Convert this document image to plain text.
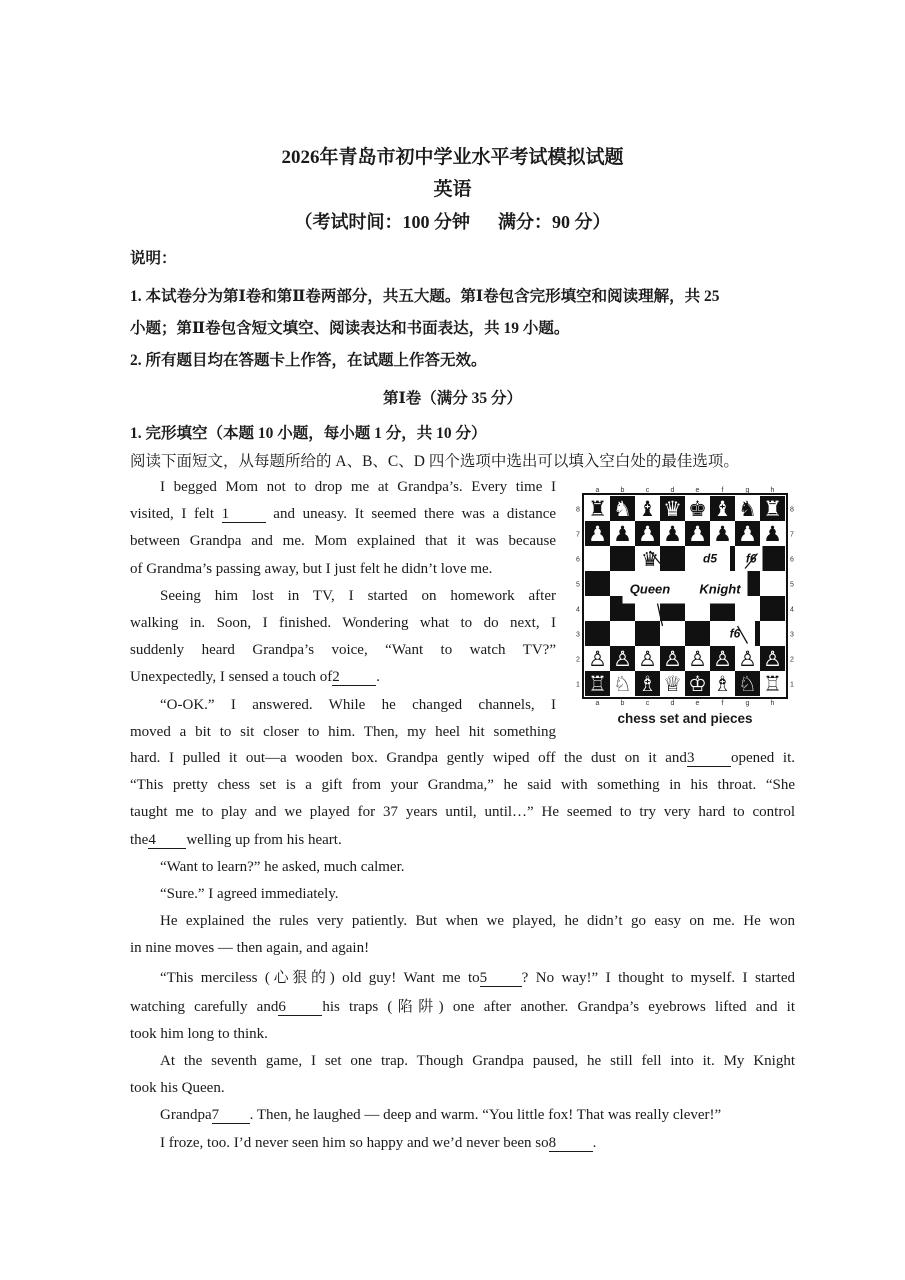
2026年青岛市初中学业水平考试模拟试题
英语
（考试时间：100 分钟 满分：90 分）
说明：
1. 本试卷分为第Ⅰ卷和第Ⅱ卷两部分，共五大题。第Ⅰ卷包含完形填空和阅读理解，共 25
小题；第Ⅱ卷包含短文填空、阅读表达和书面表达，共 19 小题。
2. 所有题目均在答题卡上作答，在试题上作答无效。
第Ⅰ卷（满分 35 分）
1. 完形填空（本题 10 小题，每小题 1 分，共 10 分）
阅读下面短文，从每题所给的 A、B、C、D 四个选项中选出可以填入空白处的最佳选项。
I begged Mom not to drop me at Grandpa’s. Every time I
visited, I felt 1	and uneasy. It seemed there was a distance
between Grandpa and me. Mom explained that it was because
of Grandma’s passing away, but I just felt he didn’t love me.
Seeing him lost in TV, I started on homework after
walking in. Soon, I finished. Wondering what to do next, I
suddenly heard Grandpa’s voice, “Want to watch TV?”
Unexpectedly, I sensed a touch of2 .
“O-OK.” I answered. While he changed channels, I
moved a bit to sit closer to him. Then, my heel hit something
♜
♟
♙
♖
♞
♟
♙
♘
♝
♟
♙
♗
♛
♟
♙
♕
♚
♟
♙
♔
♝
♟
♙
♗
♟
♙
♘
♜
♟
♙
♖
♞
♛
Queen Knight
d5 f6
f6
a
a
b
b
c
c
d
d
e
e
f
f
g
g
h
h
8	8
7	7
6	6
5	5
4	4
3	3
2	2
1	1
chess set and pieces
hard. I pulled it out—a wooden box. Grandpa gently wiped off the dust on it and3 opened it.
“This pretty chess set is a gift from your Grandma,” he said with something in his throat. “She
taught me to play and we played for 37 years until, until…” He seemed to try very hard to control
the4 welling up from his heart.
“Want to learn?” he asked, much calmer.
“Sure.” I agreed immediately.
He explained the rules very patiently. But when we played, he didn’t go easy on me. He won
in nine moves — then again, and again!
“This merciless (心狠的) old guy! Want me to5 ? No way!” I thought to myself. I started
watching carefully and6 his traps (陷阱) one after another. Grandpa’s eyebrows lifted and it
took him long to think.
At the seventh game, I set one trap. Though Grandpa paused, he still fell into it. My Knight
took his Queen.
Grandpa7 . Then, he laughed — deep and warm. “You little fox! That was really clever!”
I froze, too. I’d never seen him so happy and we’d never been so8 .
